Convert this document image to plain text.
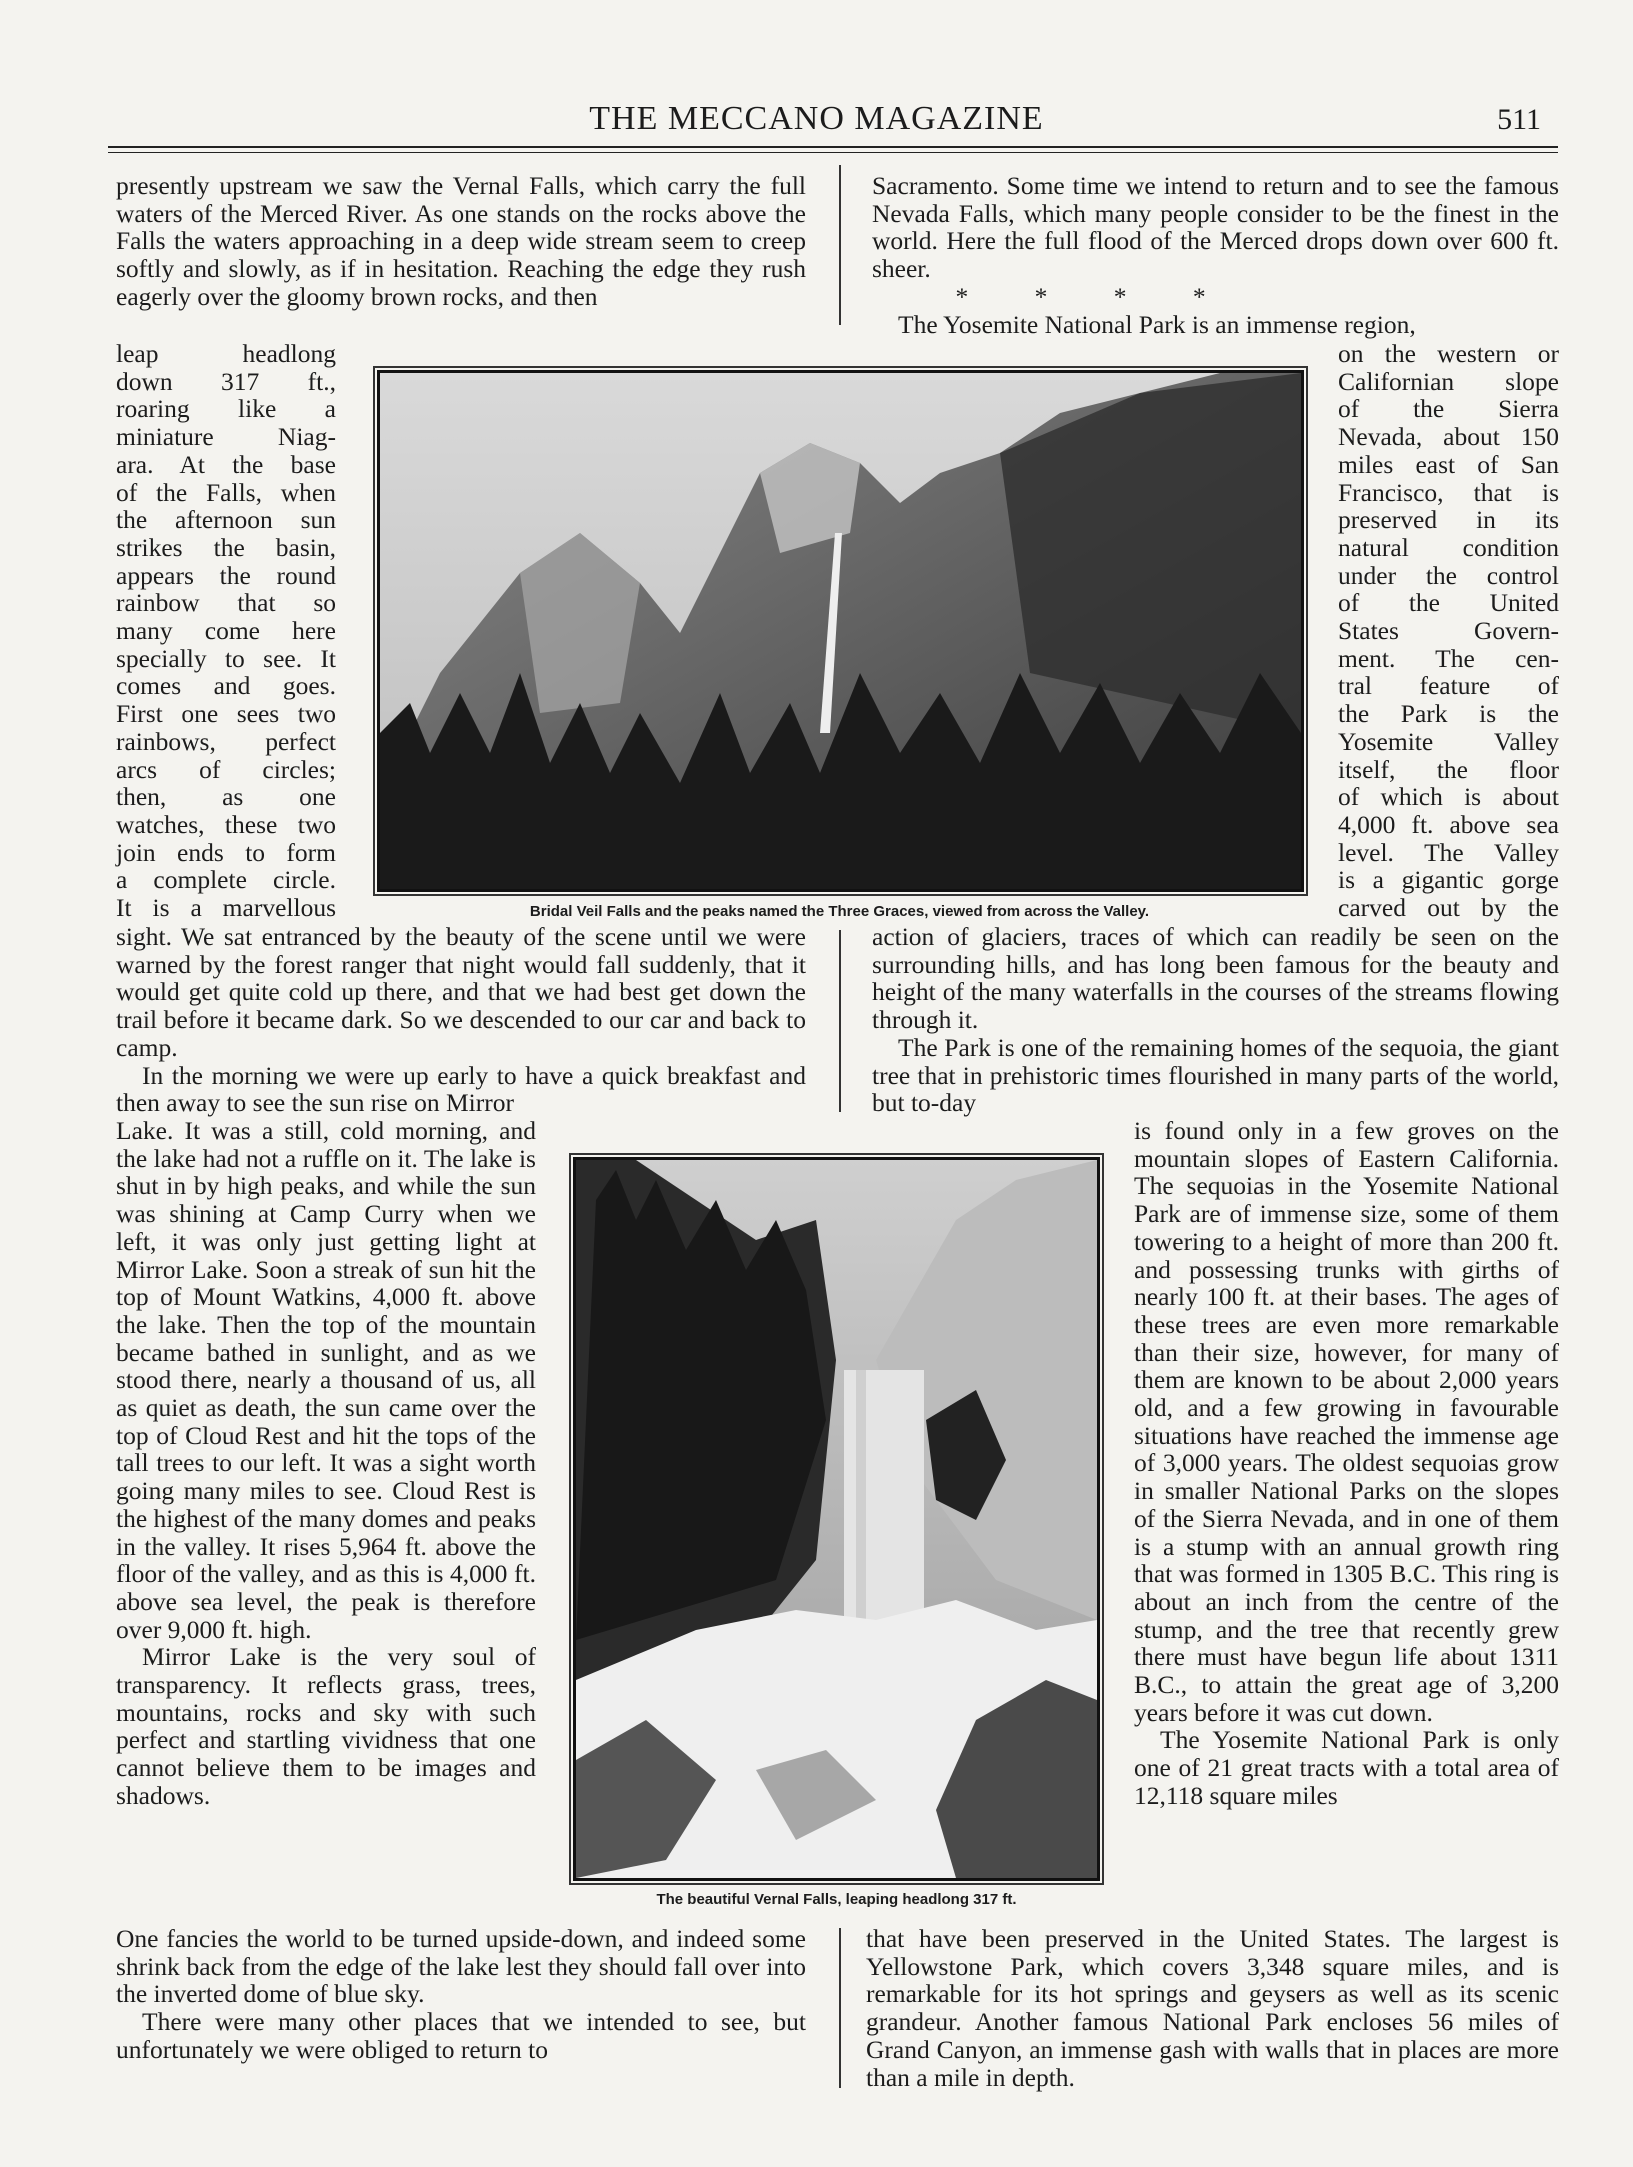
THE MECCANO MAGAZINE	511

presently upstream we saw the Vernal Falls, which carry the full waters of the Merced River. As one stands on the rocks above the Falls the waters approaching in a deep wide stream seem to creep softly and slowly, as if in hesitation. Reaching the edge they rush eagerly over the gloomy brown rocks, and then

leap headlong
down 317 ft.,
roaring like a
miniature Niag-
ara. At the base
of the Falls, when
the afternoon sun
strikes the basin,
appears the round
rainbow that so
many come here
specially to see. It
comes and goes.
First one sees two
rainbows, perfect
arcs of circles;
then, as one
watches, these two
join ends to form
a complete circle.
It is a marvellous

sight. We sat entranced by the beauty of the scene until we were warned by the forest ranger that night would fall suddenly, that it would get quite cold up there, and that we had best get down the trail before it became dark. So we descended to our car and back to camp.

In the morning we were up early to have a quick breakfast and then away to see the sun rise on Mirror

Lake. It was a still, cold morning, and the lake had not a ruffle on it. The lake is shut in by high peaks, and while the sun was shining at Camp Curry when we left, it was only just getting light at Mirror Lake. Soon a streak of sun hit the top of Mount Watkins, 4,000 ft. above the lake. Then the top of the mountain became bathed in sunlight, and as we stood there, nearly a thousand of us, all as quiet as death, the sun came over the top of Cloud Rest and hit the tops of the tall trees to our left. It was a sight worth going many miles to see. Cloud Rest is the highest of the many domes and peaks in the valley. It rises 5,964 ft. above the floor of the valley, and as this is 4,000 ft. above sea level, the peak is therefore over 9,000 ft. high.

Mirror Lake is the very soul of transparency. It reflects grass, trees, mountains, rocks and sky with such perfect and startling vividness that one cannot believe them to be images and shadows.

One fancies the world to be turned upside-down, and indeed some shrink back from the edge of the lake lest they should fall over into the inverted dome of blue sky.

There were many other places that we intended to see, but unfortunately we were obliged to return to

Sacramento. Some time we intend to return and to see the famous Nevada Falls, which many people consider to be the finest in the world. Here the full flood of the Merced drops down over 600 ft. sheer.

* * * *

The Yosemite National Park is an immense region,

on the western or
Californian slope
of the Sierra
Nevada, about 150
miles east of San
Francisco, that is
preserved in its
natural condition
under the control
of the United
States Govern-
ment. The cen-
tral feature of
the Park is the
Yosemite Valley
itself, the floor
of which is about
4,000 ft. above sea
level. The Valley
is a gigantic gorge
carved out by the

action of glaciers, traces of which can readily be seen on the surrounding hills, and has long been famous for the beauty and height of the many waterfalls in the courses of the streams flowing through it.

The Park is one of the remaining homes of the sequoia, the giant tree that in prehistoric times flourished in many parts of the world, but to-day

is found only in a few groves on the mountain slopes of Eastern California. The sequoias in the Yosemite National Park are of immense size, some of them towering to a height of more than 200 ft. and possessing trunks with girths of nearly 100 ft. at their bases. The ages of these trees are even more remarkable than their size, however, for many of them are known to be about 2,000 years old, and a few growing in favourable situations have reached the immense age of 3,000 years. The oldest sequoias grow in smaller National Parks on the slopes of the Sierra Nevada, and in one of them is a stump with an annual growth ring that was formed in 1305 B.C. This ring is about an inch from the centre of the stump, and the tree that recently grew there must have begun life about 1311 B.C., to attain the great age of 3,200 years before it was cut down.

The Yosemite National Park is only one of 21 great tracts with a total area of 12,118 square miles

that have been preserved in the United States. The largest is Yellowstone Park, which covers 3,348 square miles, and is remarkable for its hot springs and geysers as well as its scenic grandeur. Another famous National Park encloses 56 miles of Grand Canyon, an immense gash with walls that in places are more than a mile in depth.

Bridal Veil Falls and the peaks named the Three Graces, viewed from across the Valley.
The beautiful Vernal Falls, leaping headlong 317 ft.
